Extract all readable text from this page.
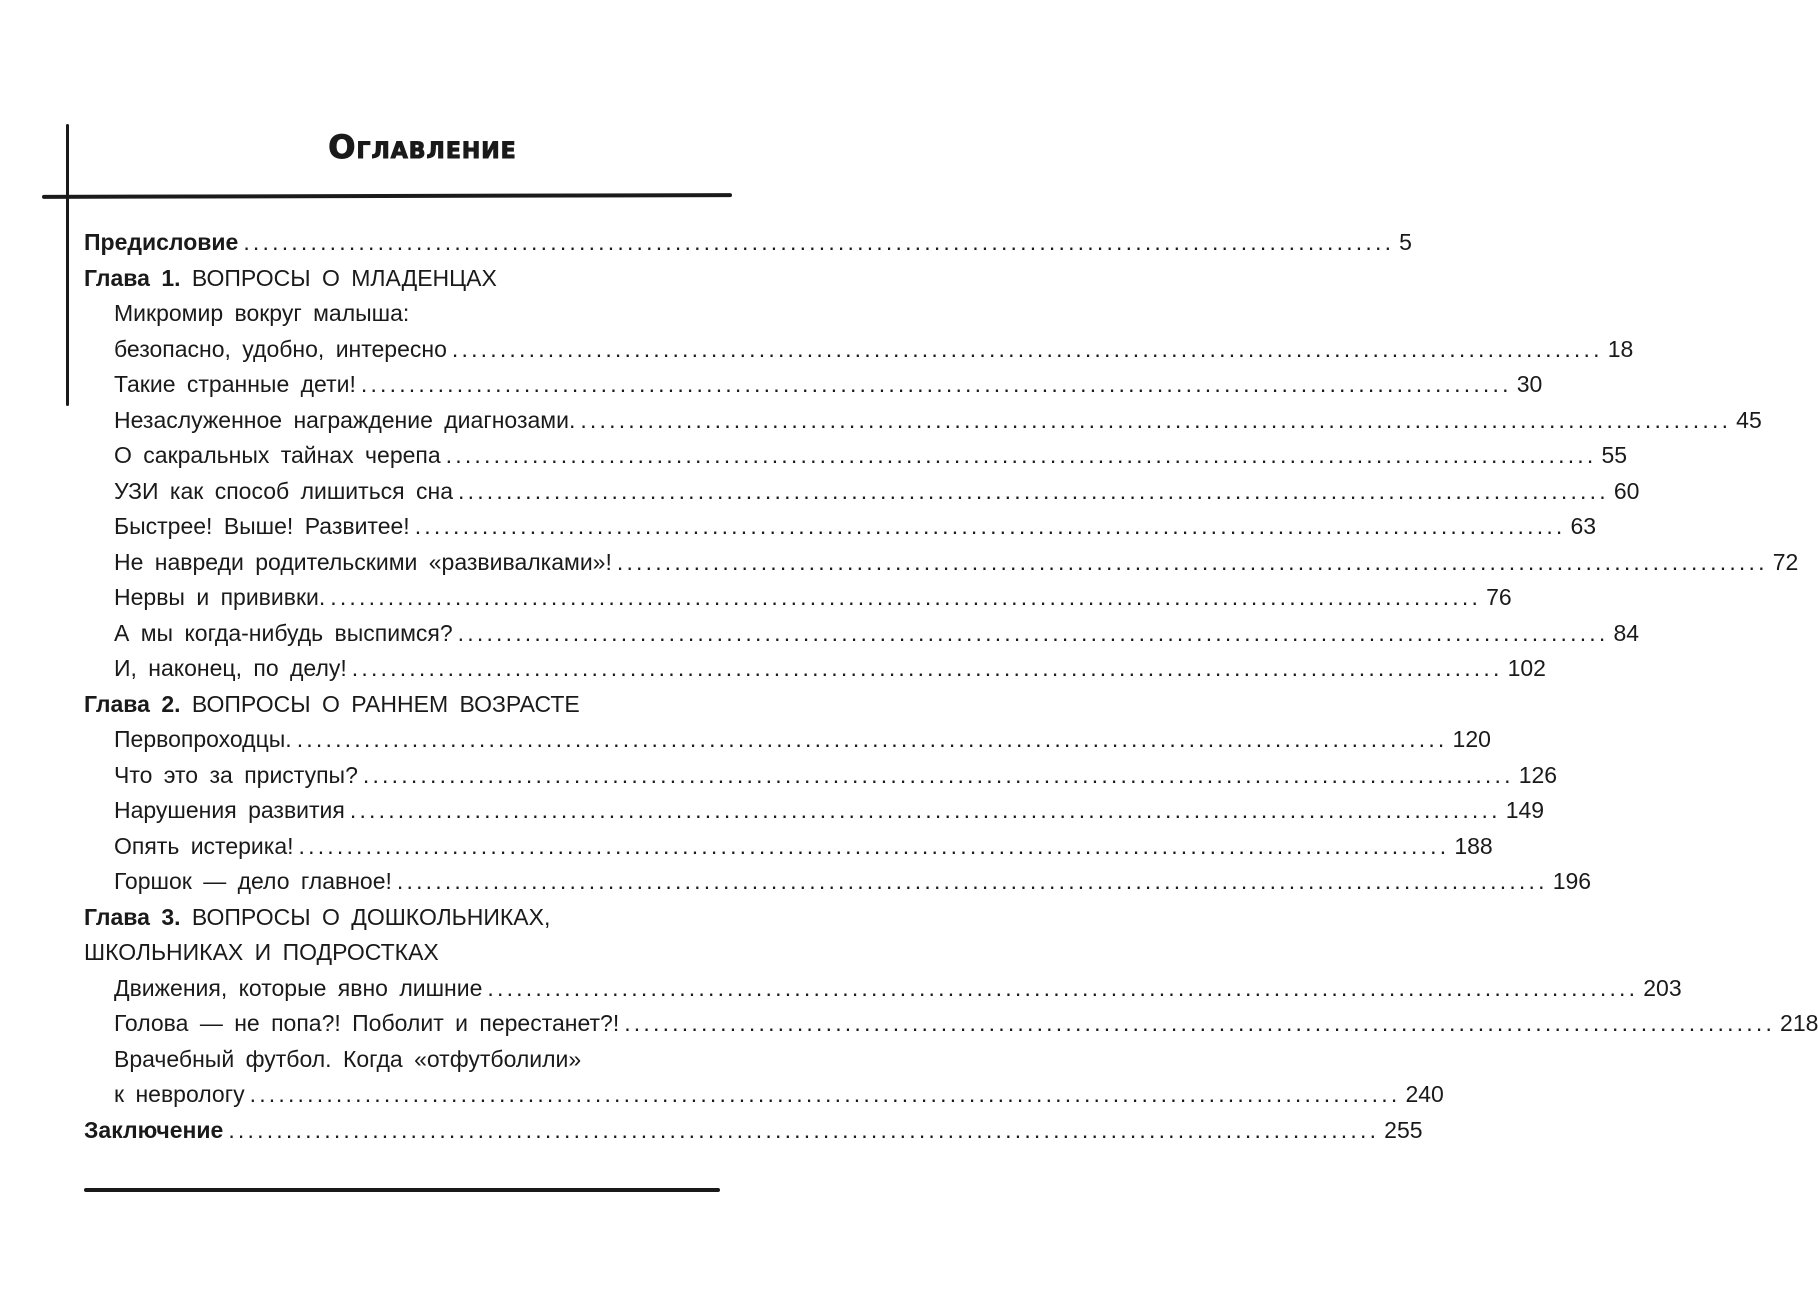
Оглавление
Предисловие ........................................................................................................................ 5
Глава 1. ВОПРОСЫ О МЛАДЕНЦАХ
Микромир вокруг малыша:
безопасно, удобно, интересно ........................................................................................................................ 18
Такие странные дети! ........................................................................................................................ 30
Незаслуженное награждение диагнозами. ........................................................................................................................ 45
О сакральных тайнах черепа ........................................................................................................................ 55
УЗИ как способ лишиться сна ........................................................................................................................ 60
Быстрее! Выше! Развитее! ........................................................................................................................ 63
Не навреди родительскими «развивалками»! ........................................................................................................................ 72
Нервы и прививки. ........................................................................................................................ 76
А мы когда-нибудь выспимся? ........................................................................................................................ 84
И, наконец, по делу! ........................................................................................................................ 102
Глава 2. ВОПРОСЫ О РАННЕМ ВОЗРАСТЕ
Первопроходцы. ........................................................................................................................ 120
Что это за приступы? ........................................................................................................................ 126
Нарушения развития ........................................................................................................................ 149
Опять истерика! ........................................................................................................................ 188
Горшок — дело главное! ........................................................................................................................ 196
Глава 3. ВОПРОСЫ О ДОШКОЛЬНИКАХ,
ШКОЛЬНИКАХ И ПОДРОСТКАХ
Движения, которые явно лишние ........................................................................................................................ 203
Голова — не попа?! Поболит и перестанет?! ........................................................................................................................ 218
Врачебный футбол. Когда «отфутболили»
к неврологу ........................................................................................................................ 240
Заключение ........................................................................................................................ 255
